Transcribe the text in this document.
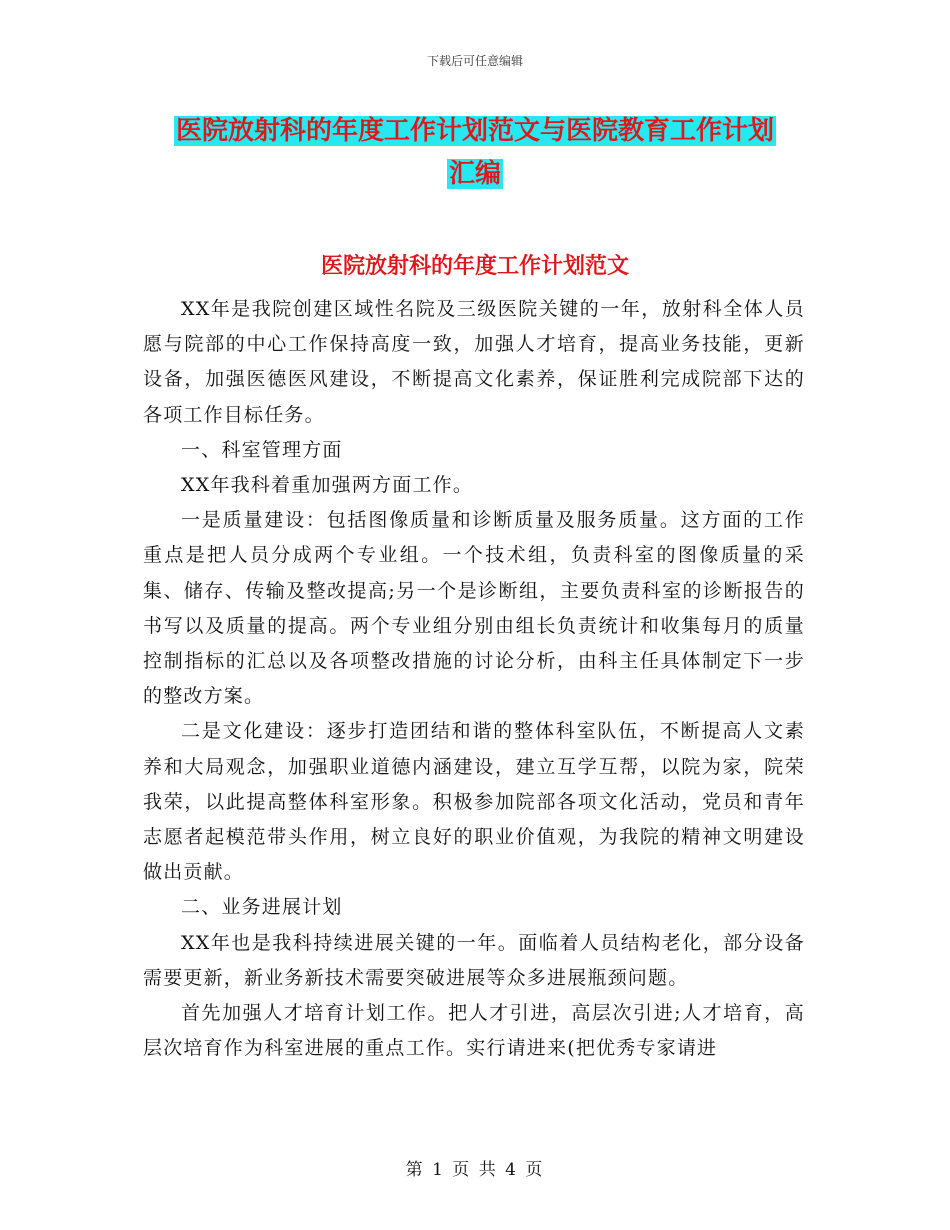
下载后可任意编辑
医院放射科的年度工作计划范文与医院教育工作计划
汇编
医院放射科的年度工作计划范文

XX年是我院创建区域性名院及三级医院关键的一年，放射科全体人员愿与院部的中心工作保持高度一致，加强人才培育，提高业务技能，更新设备，加强医德医风建设，不断提高文化素养，保证胜利完成院部下达的各项工作目标任务。

一、科室管理方面

XX年我科着重加强两方面工作。

一是质量建设：包括图像质量和诊断质量及服务质量。这方面的工作重点是把人员分成两个专业组。一个技术组，负责科室的图像质量的采集、储存、传输及整改提高;另一个是诊断组，主要负责科室的诊断报告的书写以及质量的提高。两个专业组分别由组长负责统计和收集每月的质量控制指标的汇总以及各项整改措施的讨论分析，由科主任具体制定下一步的整改方案。

二是文化建设：逐步打造团结和谐的整体科室队伍，不断提高人文素养和大局观念，加强职业道德内涵建设，建立互学互帮，以院为家，院荣我荣，以此提高整体科室形象。积极参加院部各项文化活动，党员和青年志愿者起模范带头作用，树立良好的职业价值观，为我院的精神文明建设做出贡献。

二、业务进展计划

XX年也是我科持续进展关键的一年。面临着人员结构老化，部分设备需要更新，新业务新技术需要突破进展等众多进展瓶颈问题。

首先加强人才培育计划工作。把人才引进，高层次引进;人才培育，高层次培育作为科室进展的重点工作。实行请进来(把优秀专家请进

第 1 页 共 4 页
